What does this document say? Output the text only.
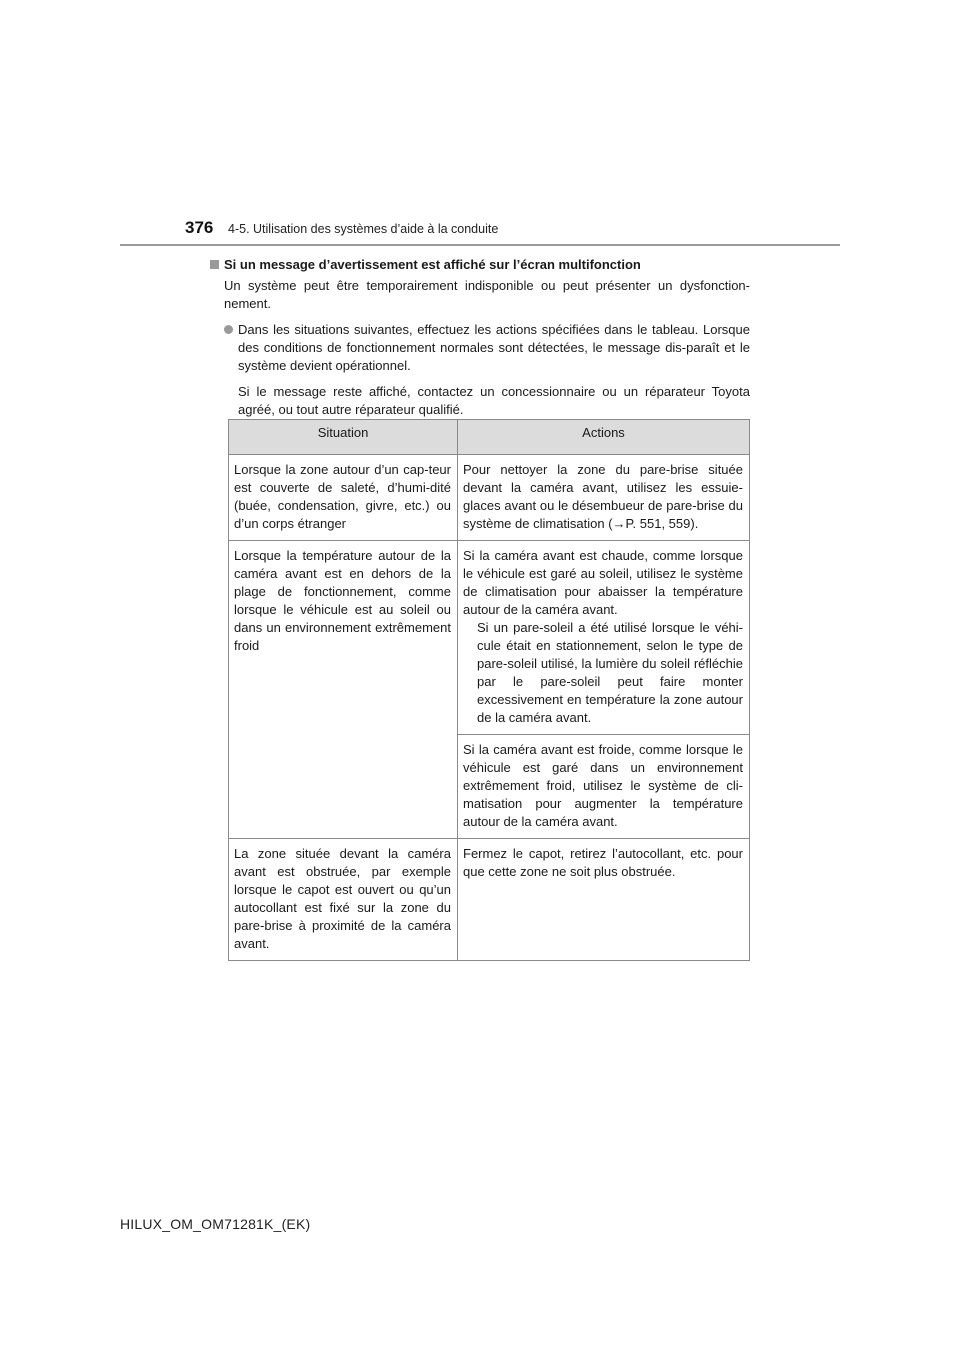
376 4-5. Utilisation des systèmes d’aide à la conduite
Si un message d’avertissement est affiché sur l’écran multifonction

Un système peut être temporairement indisponible ou peut présenter un dysfonction-nement.

Dans les situations suivantes, effectuez les actions spécifiées dans le tableau. Lorsque des conditions de fonctionnement normales sont détectées, le message dis-paraît et le système devient opérationnel.

Si le message reste affiché, contactez un concessionnaire ou un réparateur Toyota agréé, ou tout autre réparateur qualifié.

Situation	Actions
Lorsque la zone autour d’un cap-teur est couverte de saleté, d’humi-dité (buée, condensation, givre, etc.) ou d’un corps étranger	Pour nettoyer la zone du pare-brise située devant la caméra avant, utilisez les essuie-glaces avant ou le désembueur de pare-brise du système de climatisation (→P. 551, 559).
Lorsque la température autour de la caméra avant est en dehors de la plage de fonctionnement, comme lorsque le véhicule est au soleil ou dans un environnement extrêmement froid	Si la caméra avant est chaude, comme lorsque le véhicule est garé au soleil, utilisez le système de climatisation pour abaisser la température autour de la caméra avant.
Si un pare-soleil a été utilisé lorsque le véhi-cule était en stationnement, selon le type de pare-soleil utilisé, la lumière du soleil réfléchie par le pare-soleil peut faire monter excessivement en température la zone autour de la caméra avant.

	Si la caméra avant est froide, comme lorsque le véhicule est garé dans un environnement extrêmement froid, utilisez le système de cli-matisation pour augmenter la température autour de la caméra avant.
La zone située devant la caméra avant est obstruée, par exemple lorsque le capot est ouvert ou qu’un autocollant est fixé sur la zone du pare-brise à proximité de la caméra avant.	Fermez le capot, retirez l’autocollant, etc. pour que cette zone ne soit plus obstruée.
HILUX_OM_OM71281K_(EK)
